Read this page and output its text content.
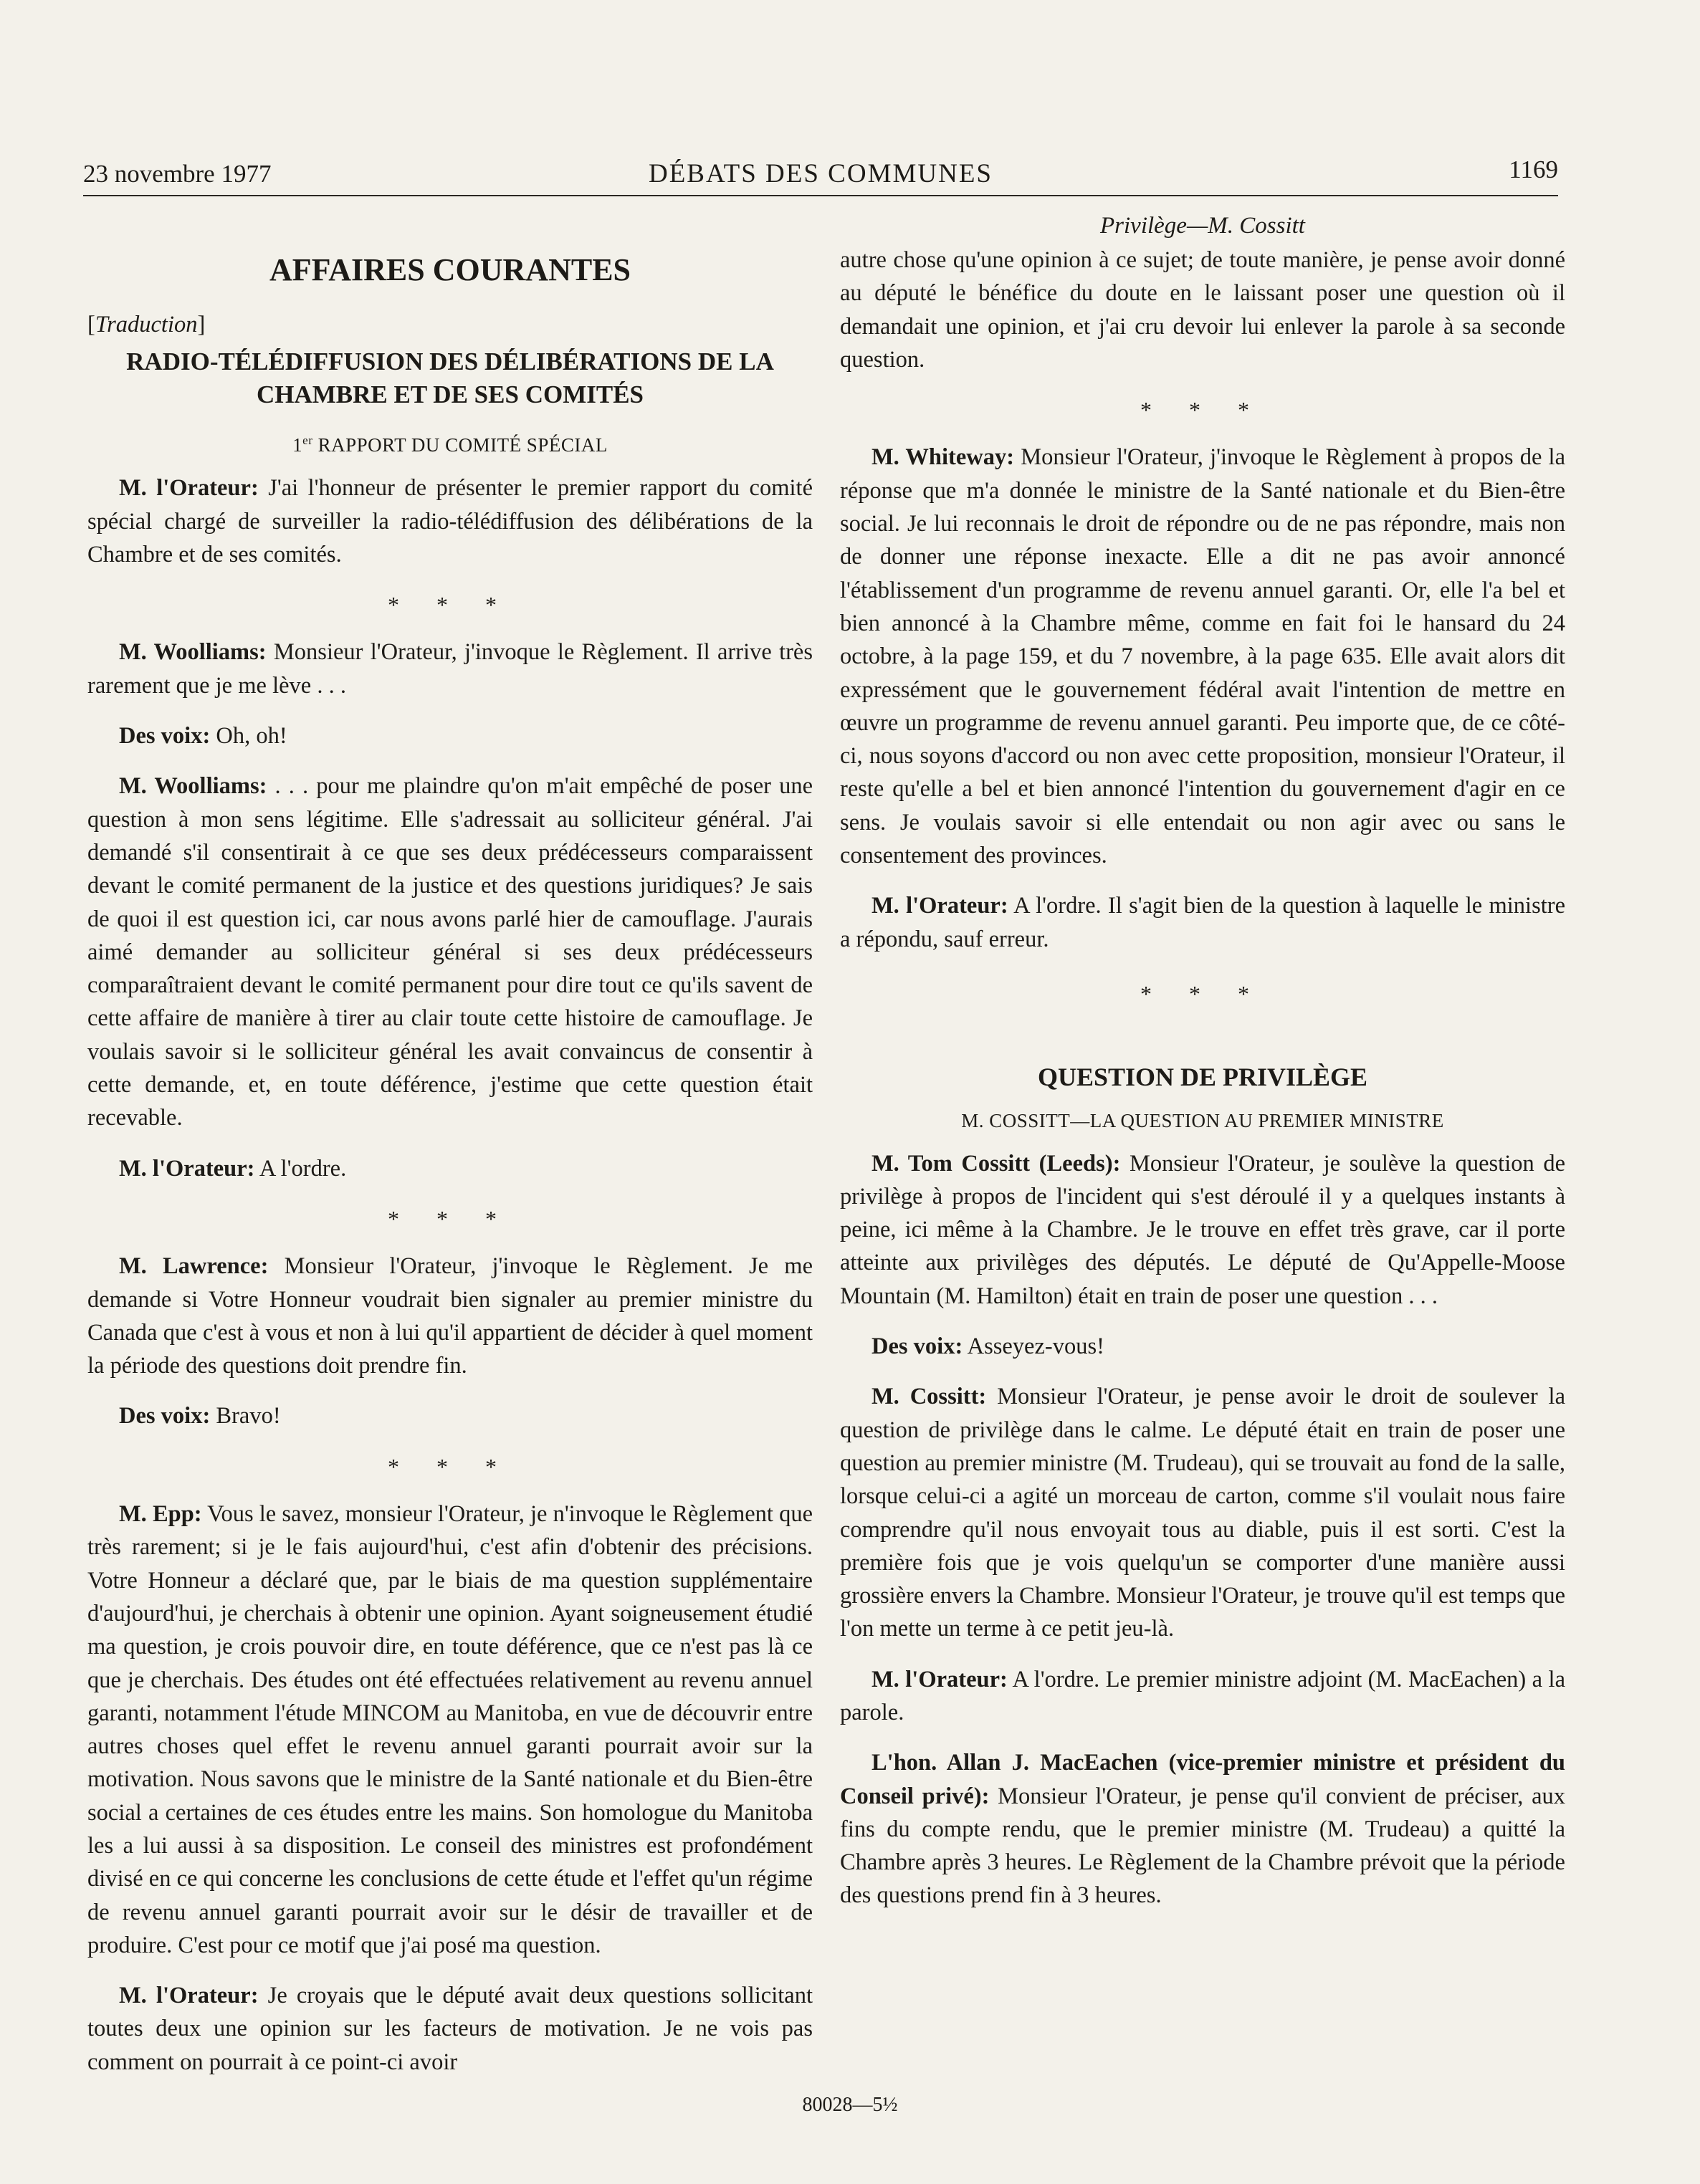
23 novembre 1977	DÉBATS DES COMMUNES	1169
AFFAIRES COURANTES
[Traduction]
RADIO-TÉLÉDIFFUSION DES DÉLIBÉRATIONS DE LA CHAMBRE ET DE SES COMITÉS
1er RAPPORT DU COMITÉ SPÉCIAL

M. l'Orateur: J'ai l'honneur de présenter le premier rapport du comité spécial chargé de surveiller la radio-télédiffusion des délibérations de la Chambre et de ses comités.

* * *

M. Woolliams: Monsieur l'Orateur, j'invoque le Règlement. Il arrive très rarement que je me lève . . .

Des voix: Oh, oh!

M. Woolliams: . . . pour me plaindre qu'on m'ait empêché de poser une question à mon sens légitime. Elle s'adressait au solliciteur général. J'ai demandé s'il consentirait à ce que ses deux prédécesseurs comparaissent devant le comité permanent de la justice et des questions juridiques? Je sais de quoi il est question ici, car nous avons parlé hier de camouflage. J'aurais aimé demander au solliciteur général si ses deux prédécesseurs comparaîtraient devant le comité permanent pour dire tout ce qu'ils savent de cette affaire de manière à tirer au clair toute cette histoire de camouflage. Je voulais savoir si le solliciteur général les avait convaincus de consentir à cette demande, et, en toute déférence, j'estime que cette question était recevable.

M. l'Orateur: A l'ordre.

* * *

M. Lawrence: Monsieur l'Orateur, j'invoque le Règlement. Je me demande si Votre Honneur voudrait bien signaler au premier ministre du Canada que c'est à vous et non à lui qu'il appartient de décider à quel moment la période des questions doit prendre fin.

Des voix: Bravo!

* * *

M. Epp: Vous le savez, monsieur l'Orateur, je n'invoque le Règlement que très rarement; si je le fais aujourd'hui, c'est afin d'obtenir des précisions. Votre Honneur a déclaré que, par le biais de ma question supplémentaire d'aujourd'hui, je cherchais à obtenir une opinion. Ayant soigneusement étudié ma question, je crois pouvoir dire, en toute déférence, que ce n'est pas là ce que je cherchais. Des études ont été effectuées relativement au revenu annuel garanti, notamment l'étude MINCOM au Manitoba, en vue de découvrir entre autres choses quel effet le revenu annuel garanti pourrait avoir sur la motivation. Nous savons que le ministre de la Santé nationale et du Bien-être social a certaines de ces études entre les mains. Son homologue du Manitoba les a lui aussi à sa disposition. Le conseil des ministres est profondément divisé en ce qui concerne les conclusions de cette étude et l'effet qu'un régime de revenu annuel garanti pourrait avoir sur le désir de travailler et de produire. C'est pour ce motif que j'ai posé ma question.

M. l'Orateur: Je croyais que le député avait deux questions sollicitant toutes deux une opinion sur les facteurs de motivation. Je ne vois pas comment on pourrait à ce point-ci avoir

Privilège—M. Cossitt

autre chose qu'une opinion à ce sujet; de toute manière, je pense avoir donné au député le bénéfice du doute en le laissant poser une question où il demandait une opinion, et j'ai cru devoir lui enlever la parole à sa seconde question.

* * *

M. Whiteway: Monsieur l'Orateur, j'invoque le Règlement à propos de la réponse que m'a donnée le ministre de la Santé nationale et du Bien-être social. Je lui reconnais le droit de répondre ou de ne pas répondre, mais non de donner une réponse inexacte. Elle a dit ne pas avoir annoncé l'établissement d'un programme de revenu annuel garanti. Or, elle l'a bel et bien annoncé à la Chambre même, comme en fait foi le hansard du 24 octobre, à la page 159, et du 7 novembre, à la page 635. Elle avait alors dit expressément que le gouvernement fédéral avait l'intention de mettre en œuvre un programme de revenu annuel garanti. Peu importe que, de ce côté-ci, nous soyons d'accord ou non avec cette proposition, monsieur l'Orateur, il reste qu'elle a bel et bien annoncé l'intention du gouvernement d'agir en ce sens. Je voulais savoir si elle entendait ou non agir avec ou sans le consentement des provinces.

M. l'Orateur: A l'ordre. Il s'agit bien de la question à laquelle le ministre a répondu, sauf erreur.

* * *
QUESTION DE PRIVILÈGE
M. COSSITT—LA QUESTION AU PREMIER MINISTRE

M. Tom Cossitt (Leeds): Monsieur l'Orateur, je soulève la question de privilège à propos de l'incident qui s'est déroulé il y a quelques instants à peine, ici même à la Chambre. Je le trouve en effet très grave, car il porte atteinte aux privilèges des députés. Le député de Qu'Appelle-Moose Mountain (M. Hamilton) était en train de poser une question . . .

Des voix: Asseyez-vous!

M. Cossitt: Monsieur l'Orateur, je pense avoir le droit de soulever la question de privilège dans le calme. Le député était en train de poser une question au premier ministre (M. Trudeau), qui se trouvait au fond de la salle, lorsque celui-ci a agité un morceau de carton, comme s'il voulait nous faire comprendre qu'il nous envoyait tous au diable, puis il est sorti. C'est la première fois que je vois quelqu'un se comporter d'une manière aussi grossière envers la Chambre. Monsieur l'Orateur, je trouve qu'il est temps que l'on mette un terme à ce petit jeu-là.

M. l'Orateur: A l'ordre. Le premier ministre adjoint (M. MacEachen) a la parole.

L'hon. Allan J. MacEachen (vice-premier ministre et président du Conseil privé): Monsieur l'Orateur, je pense qu'il convient de préciser, aux fins du compte rendu, que le premier ministre (M. Trudeau) a quitté la Chambre après 3 heures. Le Règlement de la Chambre prévoit que la période des questions prend fin à 3 heures.

80028—5½
